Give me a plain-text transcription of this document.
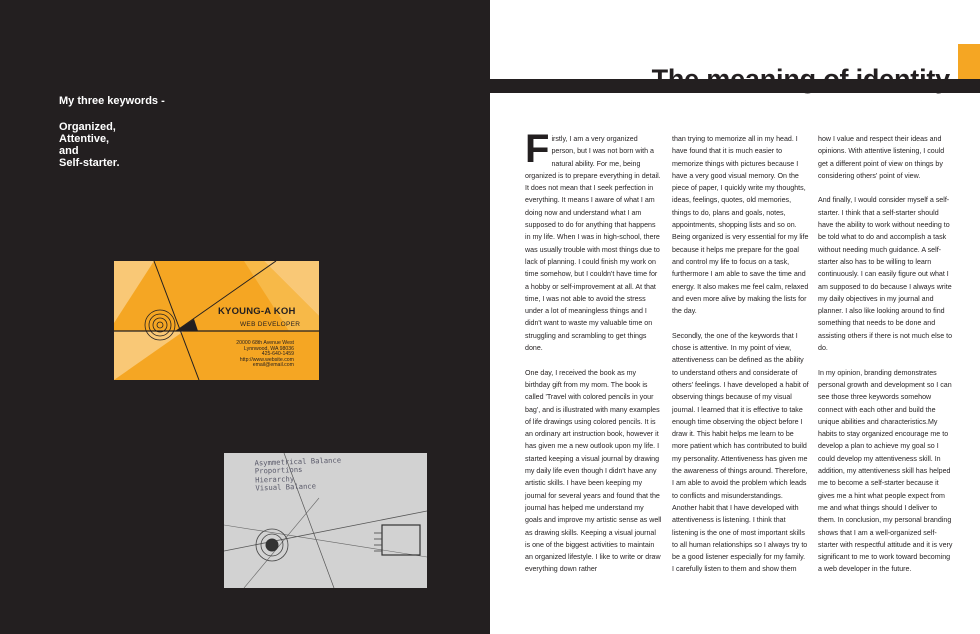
My three keywords -
Organized,
Attentive,
and
Self-starter.
KYOUNG-A KOH
WEB DEVELOPER
20000 68th Avenue West
Lynnwood, WA 98036
425-640-1459
http://www.website.com
email@email.com
Asymmetrical Balance
Proportions
Hierarchy
Visual Balance

Firstly, I am a very organized person, but I was not born with a natural ability. For me, being organized is to prepare everything in detail. It does not mean that I seek perfection in everything. It means I aware of what I am doing now and understand what I am supposed to do for anything that happens in my life. When I was in high-school, there was usually trouble with most things due to lack of planning. I could finish my work on time somehow, but I couldn't have time for a hobby or self-improvement at all. At that time, I was not able to avoid the stress under a lot of meaningless things and I didn't want to waste my valuable time on struggling and scrambling to get things done.

One day, I received the book as my birthday gift from my mom. The book is called 'Travel with colored pencils in your bag', and is illustrated with many examples of life drawings using colored pencils. It is an ordinary art instruction book, however it has given me a new outlook upon my life. I started keeping a visual journal by drawing my daily life even though I didn't have any artistic skills. I have been keeping my journal for several years and found that the journal has helped me understand my goals and improve my artistic sense as well as drawing skills. Keeping a visual journal is one of the biggest activities to maintain an organized lifestyle. I like to write or draw everything down rather

than trying to memorize all in my head. I have found that it is much easier to memorize things with pictures because I have a very good visual memory. On the piece of paper, I quickly write my thoughts, ideas, feelings, quotes, old memories, things to do, plans and goals, notes, appointments, shopping lists and so on. Being organized is very essential for my life because it helps me prepare for the goal and control my life to focus on a task, furthermore I am able to save the time and energy. It also makes me feel calm, relaxed and even more alive by making the lists for the day.

Secondly, the one of the keywords that I chose is attentive. In my point of view, attentiveness can be defined as the ability to understand others and considerate of others' feelings. I have developed a habit of observing things because of my visual journal. I learned that it is effective to take enough time observing the object before I draw it. This habit helps me learn to be more patient which has contributed to build my personality. Attentiveness has given me the awareness of things around. Therefore, I am able to avoid the problem which leads to conflicts and misunderstandings. Another habit that I have developed with attentiveness is listening. I think that listening is the one of most important skills to all human relationships so I always try to be a good listener especially for my family. I carefully listen to them and show them

how I value and respect their ideas and opinions. With attentive listening, I could get a different point of view on things by considering others' point of view.

And finally, I would consider myself a self-starter. I think that a self-starter should have the ability to work without needing to be told what to do and accomplish a task without needing much guidance. A self-starter also has to be willing to learn continuously. I can easily figure out what I am supposed to do because I always write my daily objectives in my journal and planner. I also like looking around to find something that needs to be done and assisting others if there is not much else to do.

In my opinion, branding demonstrates personal growth and development so I can see those three keywords somehow connect with each other and build the unique abilities and characteristics.My habits to stay organized encourage me to develop a plan to achieve my goal so I could develop my attentiveness skill. In addition, my attentiveness skill has helped me to become a self-starter because it gives me a hint what people expect from me and what things should I deliver to them. In conclusion, my personal branding shows that I am a well-organized self-starter with respectful attitude and it is very significant to me to work toward becoming a web developer in the future.
